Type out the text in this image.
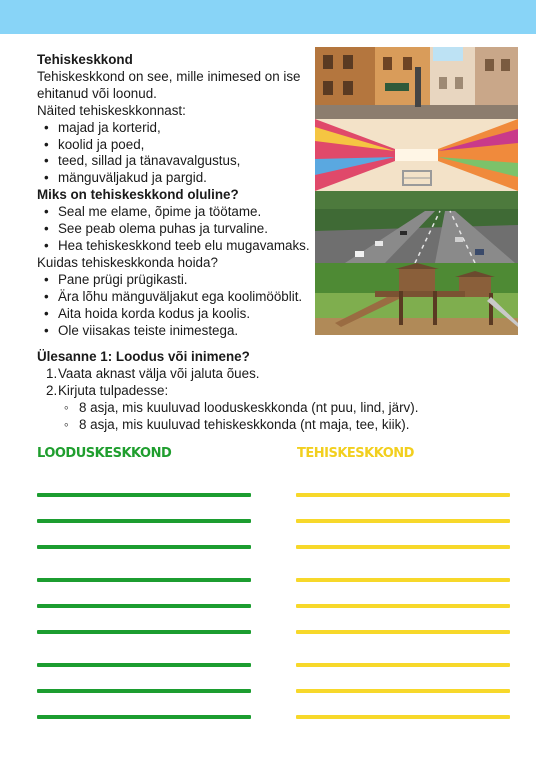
Tehiskeskkond
Tehiskeskkond on see, mille inimesed on ise
ehitanud või loonud.
Näited tehiskeskkonnast:
• majad ja korterid,
• koolid ja poed,
• teed, sillad ja tänavavalgustus,
• mänguväljakud ja pargid.
Miks on tehiskeskkond oluline?
• Seal me elame, õpime ja töötame.
• See peab olema puhas ja turvaline.
• Hea tehiskeskkond teeb elu mugavamaks.
Kuidas tehiskeskkonda hoida?
• Pane prügi prügikasti.
• Ära lõhu mänguväljakut ega koolimööblit.
• Aita hoida korda kodus ja koolis.
• Ole viisakas teiste inimestega.
Ülesanne 1: Loodus või inimene?
1. Vaata aknast välja või jaluta õues.
2. Kirjuta tulpadesse:
◦ 8 asja, mis kuuluvad looduskeskkonda (nt puu, lind, järv).
◦ 8 asja, mis kuuluvad tehiskeskkonda (nt maja, tee, kiik).
LOODUSKESKKOND	TEHISKESKKOND
